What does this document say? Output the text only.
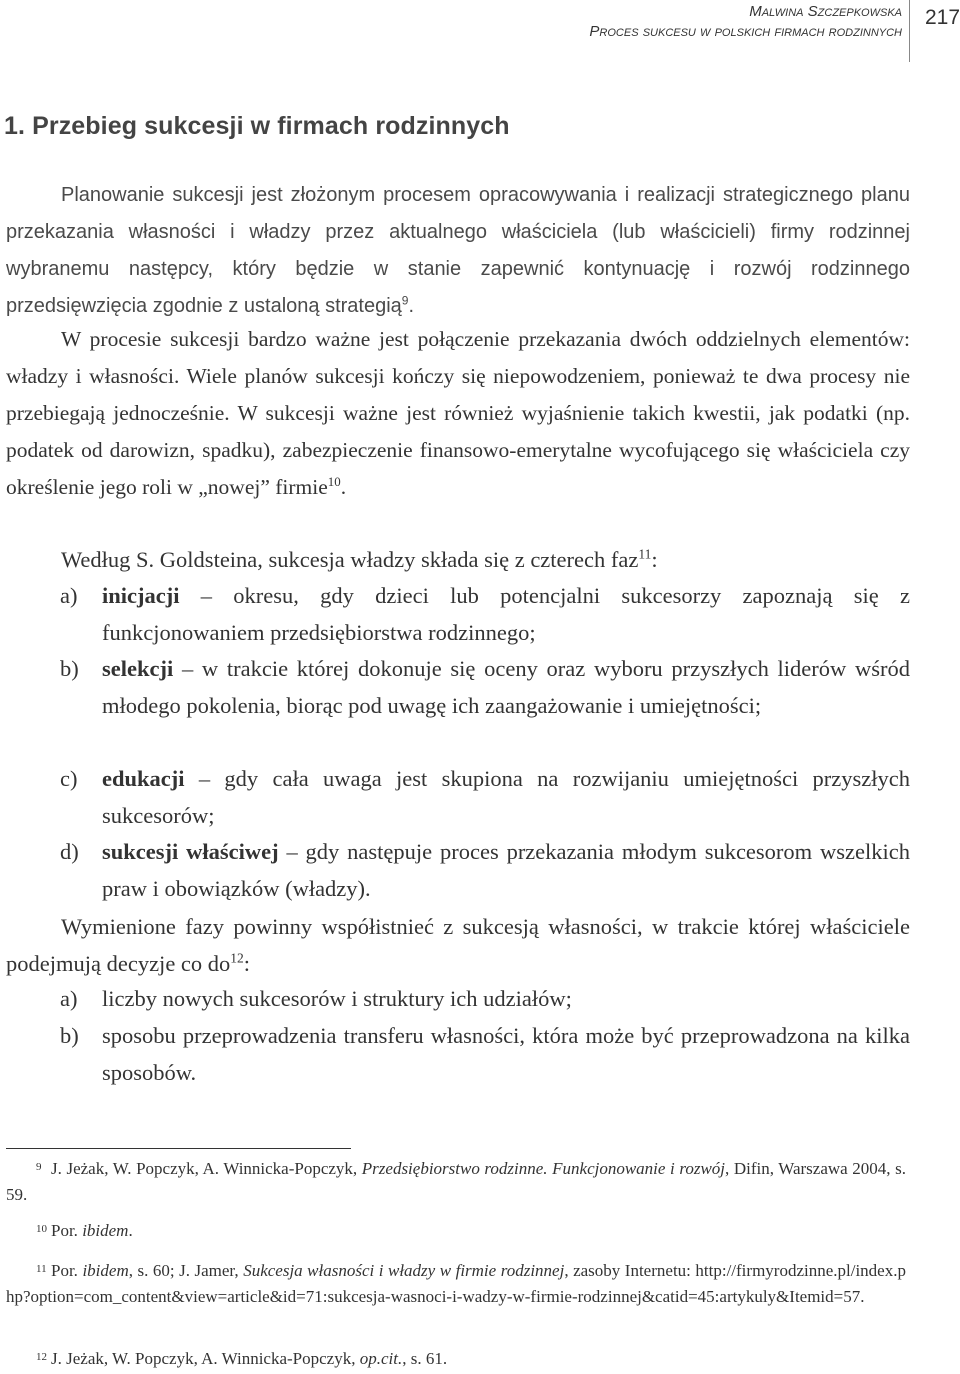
Malwina Szczepkowska
Proces sukcesu w polskich firmach rodzinnych
217
1. Przebieg sukcesji w firmach rodzinnych
Planowanie sukcesji jest złożonym procesem opracowywania i realizacji strategicznego planu przekazania własności i władzy przez aktualnego właściciela (lub właścicieli) firmy rodzinnej wybranemu następcy, który będzie w stanie zapewnić kontynuację i rozwój rodzinnego przedsięwzięcia zgodnie z ustaloną strategią$^9$.
W procesie sukcesji bardzo ważne jest połączenie przekazania dwóch oddzielnych elementów: władzy i własności. Wiele planów sukcesji kończy się niepowodzeniem, ponieważ te dwa procesy nie przebiegają jednocześnie. W sukcesji ważne jest również wyjaśnienie takich kwestii, jak podatki (np. podatek od darowizn, spadku), zabezpieczenie finansowo-emerytalne wycofującego się właściciela czy określenie jego roli w „nowej” firmie$^{10}$.
Według S. Goldsteina, sukcesja władzy składa się z czterech faz$^{11}$:
a) inicjacji – okresu, gdy dzieci lub potencjalni sukcesorzy zapoznają się z funkcjonowaniem przedsiębiorstwa rodzinnego;
b) selekcji – w trakcie której dokonuje się oceny oraz wyboru przyszłych liderów wśród młodego pokolenia, biorąc pod uwagę ich zaangażowanie i umiejętności;
c) edukacji – gdy cała uwaga jest skupiona na rozwijaniu umiejętności przyszłych sukcesorów;
d) sukcesji właściwej – gdy następuje proces przekazania młodym sukcesorom wszelkich praw i obowiązków (władzy).
Wymienione fazy powinny współistnieć z sukcesją własności, w trakcie której właściciele podejmują decyzje co $do^{12}$:
a) liczby nowych sukcesorów i struktury ich udziałów;
b) sposobu przeprowadzenia transferu własności, która może być przeprowadzona na kilka sposobów.
9 J. Jeżak, W. Popczyk, A. Winnicka-Popczyk, Przedsiębiorstwo rodzinne. Funkcjonowanie i rozwój, Difin, Warszawa 2004, s. 59.
10 Por. ibidem.
11 Por. ibidem, s. 60; J. Jamer, Sukcesja własności i władzy w firmie rodzinnej, zasoby Internetu: http://firmyrodzinne.pl/index.php?option=com_content&view=article&id=71:sukcesja-wasnoci-i-wadzy-w-firmie-rodzinnej&catid=45:artykuly&Itemid=57.
12 J. Jeżak, W. Popczyk, A. Winnicka-Popczyk, op.cit., s. 61.
